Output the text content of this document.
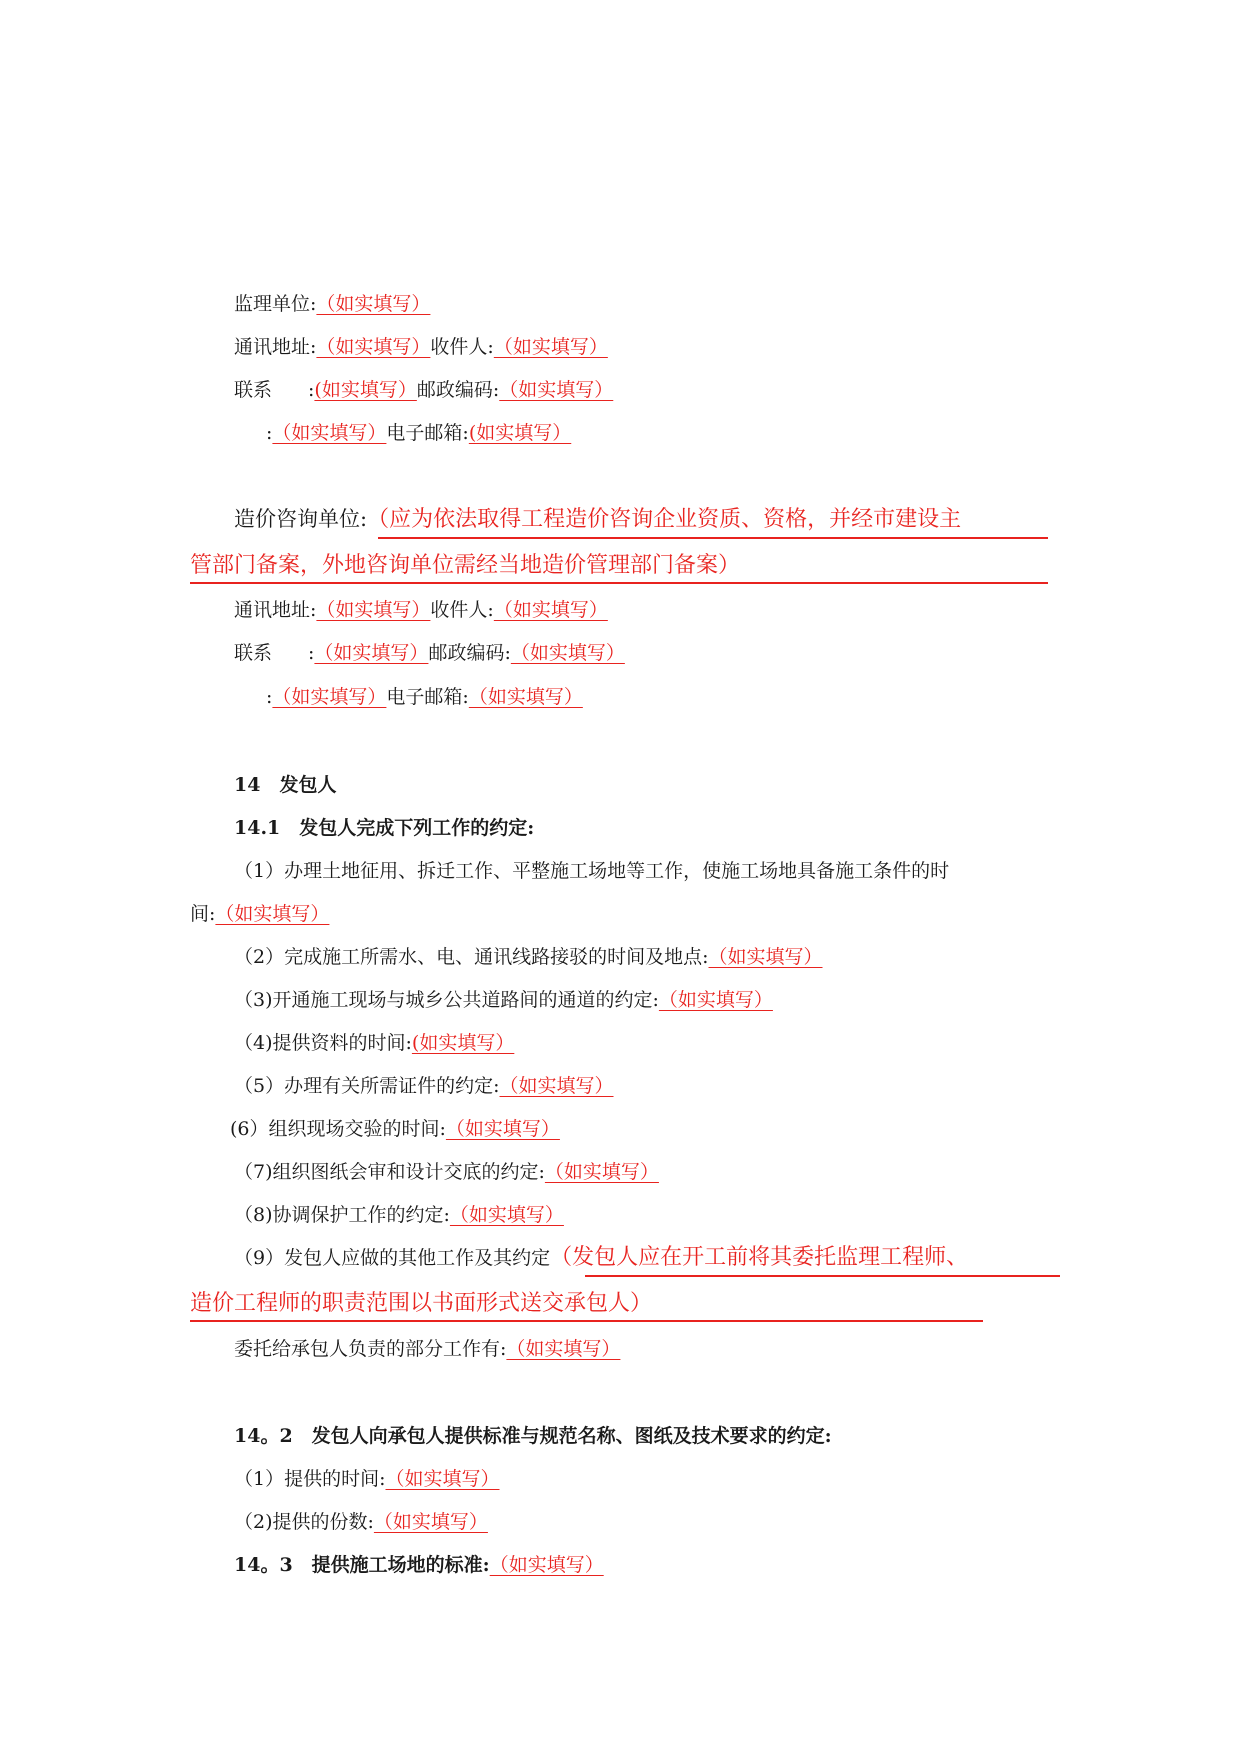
监理单位:（如实填写）
通讯地址:（如实填写）收件人:（如实填写）
联系 :(如实填写）邮政编码:（如实填写）
:（如实填写）电子邮箱:(如实填写）
造价咨询单位:（应为依法取得工程造价咨询企业资质、资格，并经市建设主
管部门备案，外地咨询单位需经当地造价管理部门备案）
通讯地址:（如实填写）收件人:（如实填写）
联系 :（如实填写）邮政编码:（如实填写）
:（如实填写）电子邮箱:（如实填写）
14　发包人
14.1　发包人完成下列工作的约定:
（1）办理土地征用、拆迁工作、平整施工场地等工作，使施工场地具备施工条件的时
间:（如实填写）
（2）完成施工所需水、电、通讯线路接驳的时间及地点:（如实填写）
（3)开通施工现场与城乡公共道路间的通道的约定:（如实填写）
（4)提供资料的时间:(如实填写）
（5）办理有关所需证件的约定:（如实填写）
(6）组织现场交验的时间:（如实填写）
（7)组织图纸会审和设计交底的约定:（如实填写）
（8)协调保护工作的约定:（如实填写）
（9）发包人应做的其他工作及其约定（发包人应在开工前将其委托监理工程师、
造价工程师的职责范围以书面形式送交承包人）
委托给承包人负责的部分工作有:（如实填写）
14。2　发包人向承包人提供标准与规范名称、图纸及技术要求的约定:
（1）提供的时间:（如实填写）
（2)提供的份数:（如实填写）
14。3　提供施工场地的标准:（如实填写）
